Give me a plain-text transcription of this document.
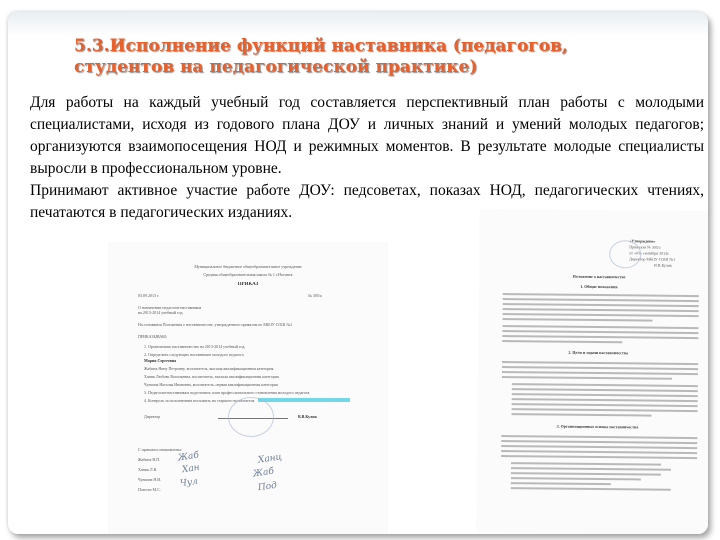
5.3.Исполнение функций наставника (педагогов, студентов на педагогической практике)

Для работы на каждый учебный год составляется перспективный план работы с молодыми специалистами, исходя из годового плана ДОУ и личных знаний и умений молодых педагогов; организуются взаимопосещения НОД и режимных моментов. В результате молодые специалисты выросли в профессиональном уровне.

Принимают активное участие работе ДОУ: педсоветах, показах НОД, педагогических чтениях, печатаются в педагогических изданиях.

Муниципальное бюджетное общеобразовательное учреждение
Средняя общеобразовательная школа № 1 г.Ногинск
ПРИКАЗ
03.09.2013 г.	№ 305/а
О назначении педагогов-наставников
на 2013-2014 учебный год
На основании Положения о наставничестве, утвержденного приказом по МБОУ СОШ №1
ПРИКАЗЫВАЮ:
1. Организовать наставничество на 2013-2014 учебный год.
2. Определить следующих наставников молодого педагога
Мария Сергеевна
Жабина Нину Петровну, воспитатель, высшая квалификационная категория
Ханик Любовь Васильевна, воспитатель, высшая квалификационная категория
Чулкина Наталья Ивановна, воспитатель, первая квалификационная категория
3. Педагогам-наставникам подготовить план профессионального становления молодого педагога.
4. Контроль за исполнением возложить на старшего воспитателя
Директор	В.В.Кулик
С приказом ознакомлены:
Жабина Н.П.
Ханик Л.В.
Чулкина Н.И.
Поюсти М.С.
Жаб
Хан
Чул
Ханц
Жаб
Под
«Утверждено»
Приказом № 305/а
от «03» сентября 2013г.
Директор МБОУ СОШ №1
В.В.Кулик
Положение о наставничестве
1. Общие положения
2. Цели и задачи наставничества
3. Организационные основы наставничества
